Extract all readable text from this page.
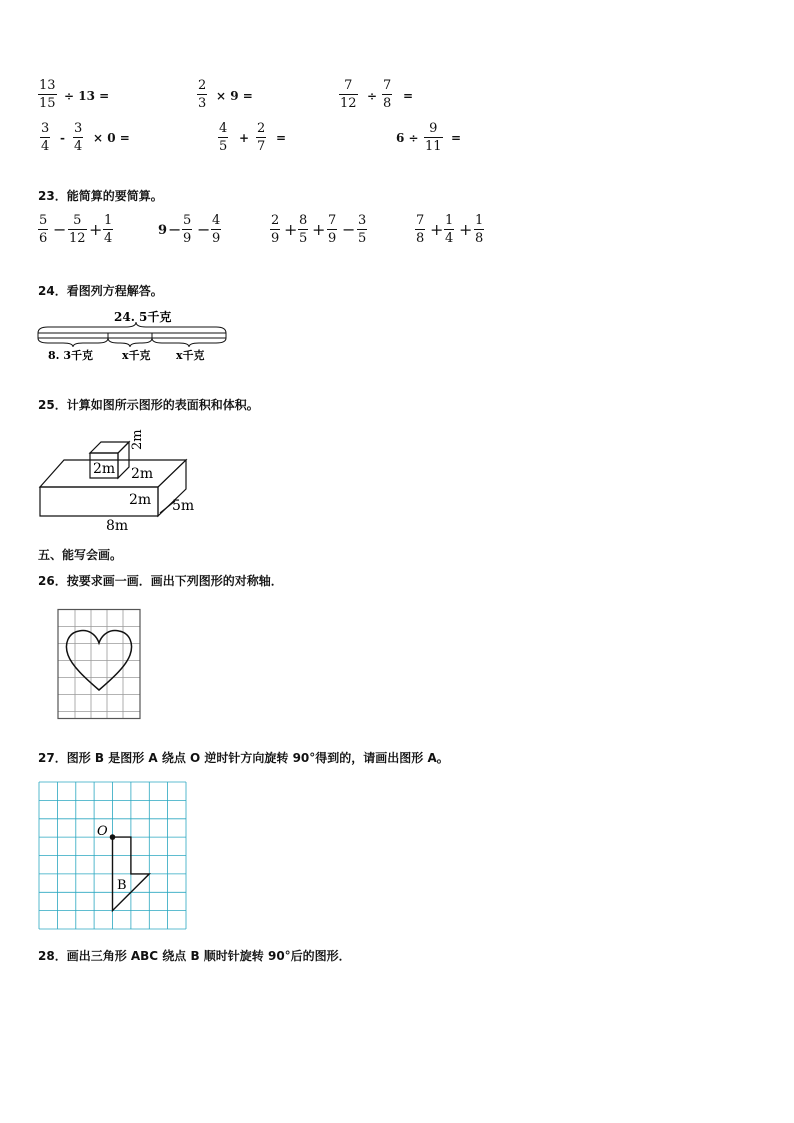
$\frac{13}{15} \div 13$ =	$\frac{2}{3} \times 9$ =	$\frac{7}{12} \div \frac{7}{8}$ =
$\frac{3}{4} - \frac{3}{4} \times 0$ =	$\frac{4}{5} + \frac{2}{7}$ =	$6 \div \frac{9}{11}$ =
23．能简算的要简算。
$\frac{5}{6} - \frac{5}{12} + \frac{1}{4}$	$9 - \frac{5}{9} - \frac{4}{9}$	$\frac{2}{9} + \frac{8}{5} + \frac{7}{9} - \frac{3}{5}$	$\frac{7}{8} + \frac{1}{4} + \frac{1}{8}$
24．看图列方程解答。
24. 5千克
8. 3千克	x千克 x千克
25．计算如图所示图形的表面积和体积。
2m
2m
2m
2m 5m
8m
五、能写会画。
26．按要求画一画．画出下列图形的对称轴．
27．图形 B 是图形 A 绕点 O 逆时针方向旋转 90°得到的，请画出图形 A。
O
B
28．画出三角形 ABC 绕点 B 顺时针旋转 90°后的图形．
